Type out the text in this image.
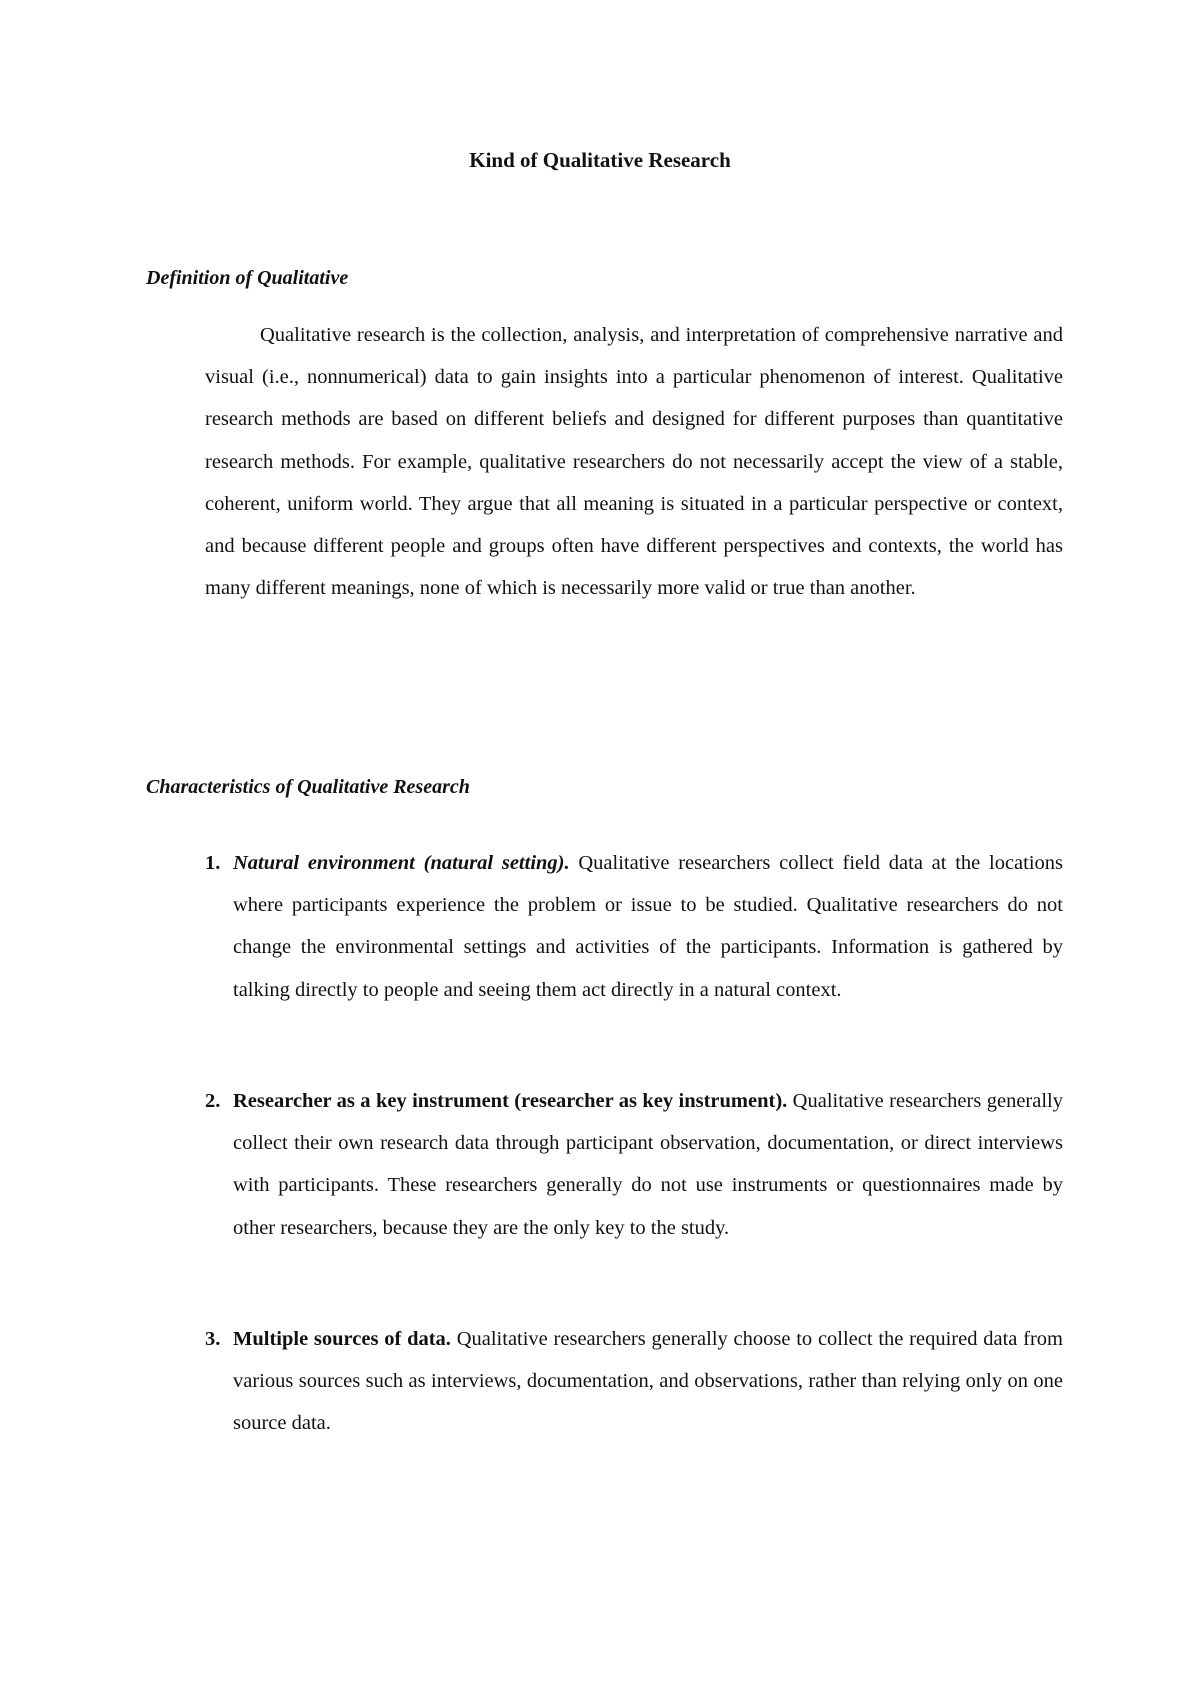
Kind of Qualitative Research
Definition of Qualitative

Qualitative research is the collection, analysis, and interpretation of comprehensive narrative and visual (i.e., nonnumerical) data to gain insights into a particular phenomenon of interest. Qualitative research methods are based on different beliefs and designed for different purposes than quantitative research methods. For example, qualitative researchers do not necessarily accept the view of a stable, coherent, uniform world. They argue that all meaning is situated in a particular perspective or context, and because different people and groups often have different perspectives and contexts, the world has many different meanings, none of which is necessarily more valid or true than another.

Characteristics of Qualitative Research
1. Natural environment (natural setting). Qualitative researchers collect field data at the locations where participants experience the problem or issue to be studied. Qualitative researchers do not change the environmental settings and activities of the participants. Information is gathered by talking directly to people and seeing them act directly in a natural context.
2. Researcher as a key instrument (researcher as key instrument). Qualitative researchers generally collect their own research data through participant observation, documentation, or direct interviews with participants. These researchers generally do not use instruments or questionnaires made by other researchers, because they are the only key to the study.
3. Multiple sources of data. Qualitative researchers generally choose to collect the required data from various sources such as interviews, documentation, and observations, rather than relying only on one source data.
